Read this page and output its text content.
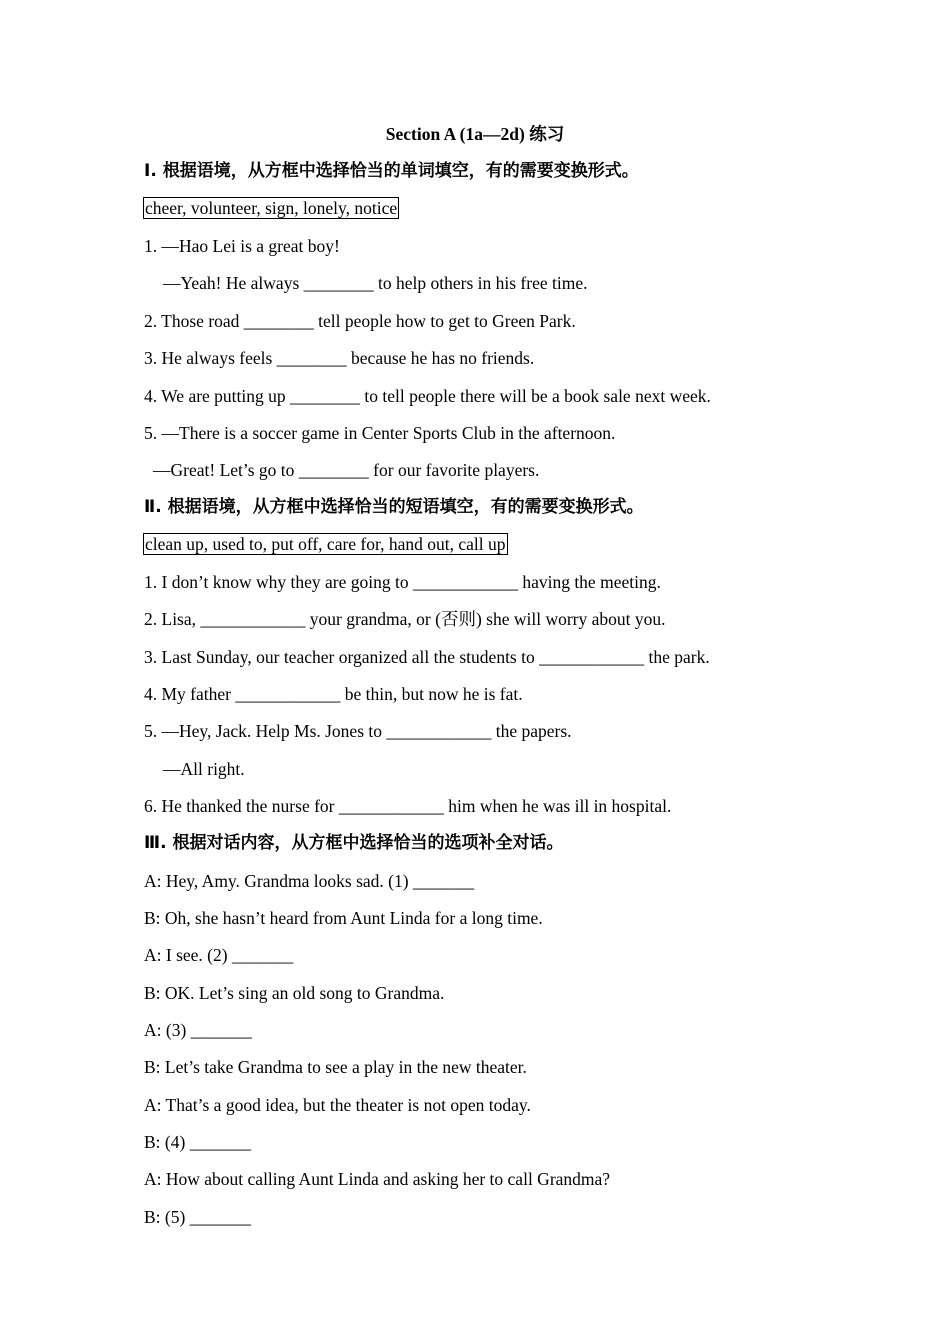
Section A (1a—2d) 练习
Ⅰ. 根据语境，从方框中选择恰当的单词填空，有的需要变换形式。
cheer, volunteer, sign, lonely, notice
1. —Hao Lei is a great boy!
—Yeah! He always ________ to help others in his free time.
2. Those road ________ tell people how to get to Green Park.
3. He always feels ________ because he has no friends.
4. We are putting up ________ to tell people there will be a book sale next week.
5. —There is a soccer game in Center Sports Club in the afternoon.
—Great! Let’s go to ________ for our favorite players.
Ⅱ. 根据语境，从方框中选择恰当的短语填空，有的需要变换形式。
clean up, used to, put off, care for, hand out, call up
1. I don’t know why they are going to ____________ having the meeting.
2. Lisa, ____________ your grandma, or (否则) she will worry about you.
3. Last Sunday, our teacher organized all the students to ____________ the park.
4. My father ____________ be thin, but now he is fat.
5. —Hey, Jack. Help Ms. Jones to ____________ the papers.
—All right.
6. He thanked the nurse for ____________ him when he was ill in hospital.
Ⅲ. 根据对话内容，从方框中选择恰当的选项补全对话。
A: Hey, Amy. Grandma looks sad. (1) _______
B: Oh, she hasn’t heard from Aunt Linda for a long time.
A: I see. (2) _______
B: OK. Let’s sing an old song to Grandma.
A: (3) _______
B: Let’s take Grandma to see a play in the new theater.
A: That’s a good idea, but the theater is not open today.
B: (4) _______
A: How about calling Aunt Linda and asking her to call Grandma?
B: (5) _______
